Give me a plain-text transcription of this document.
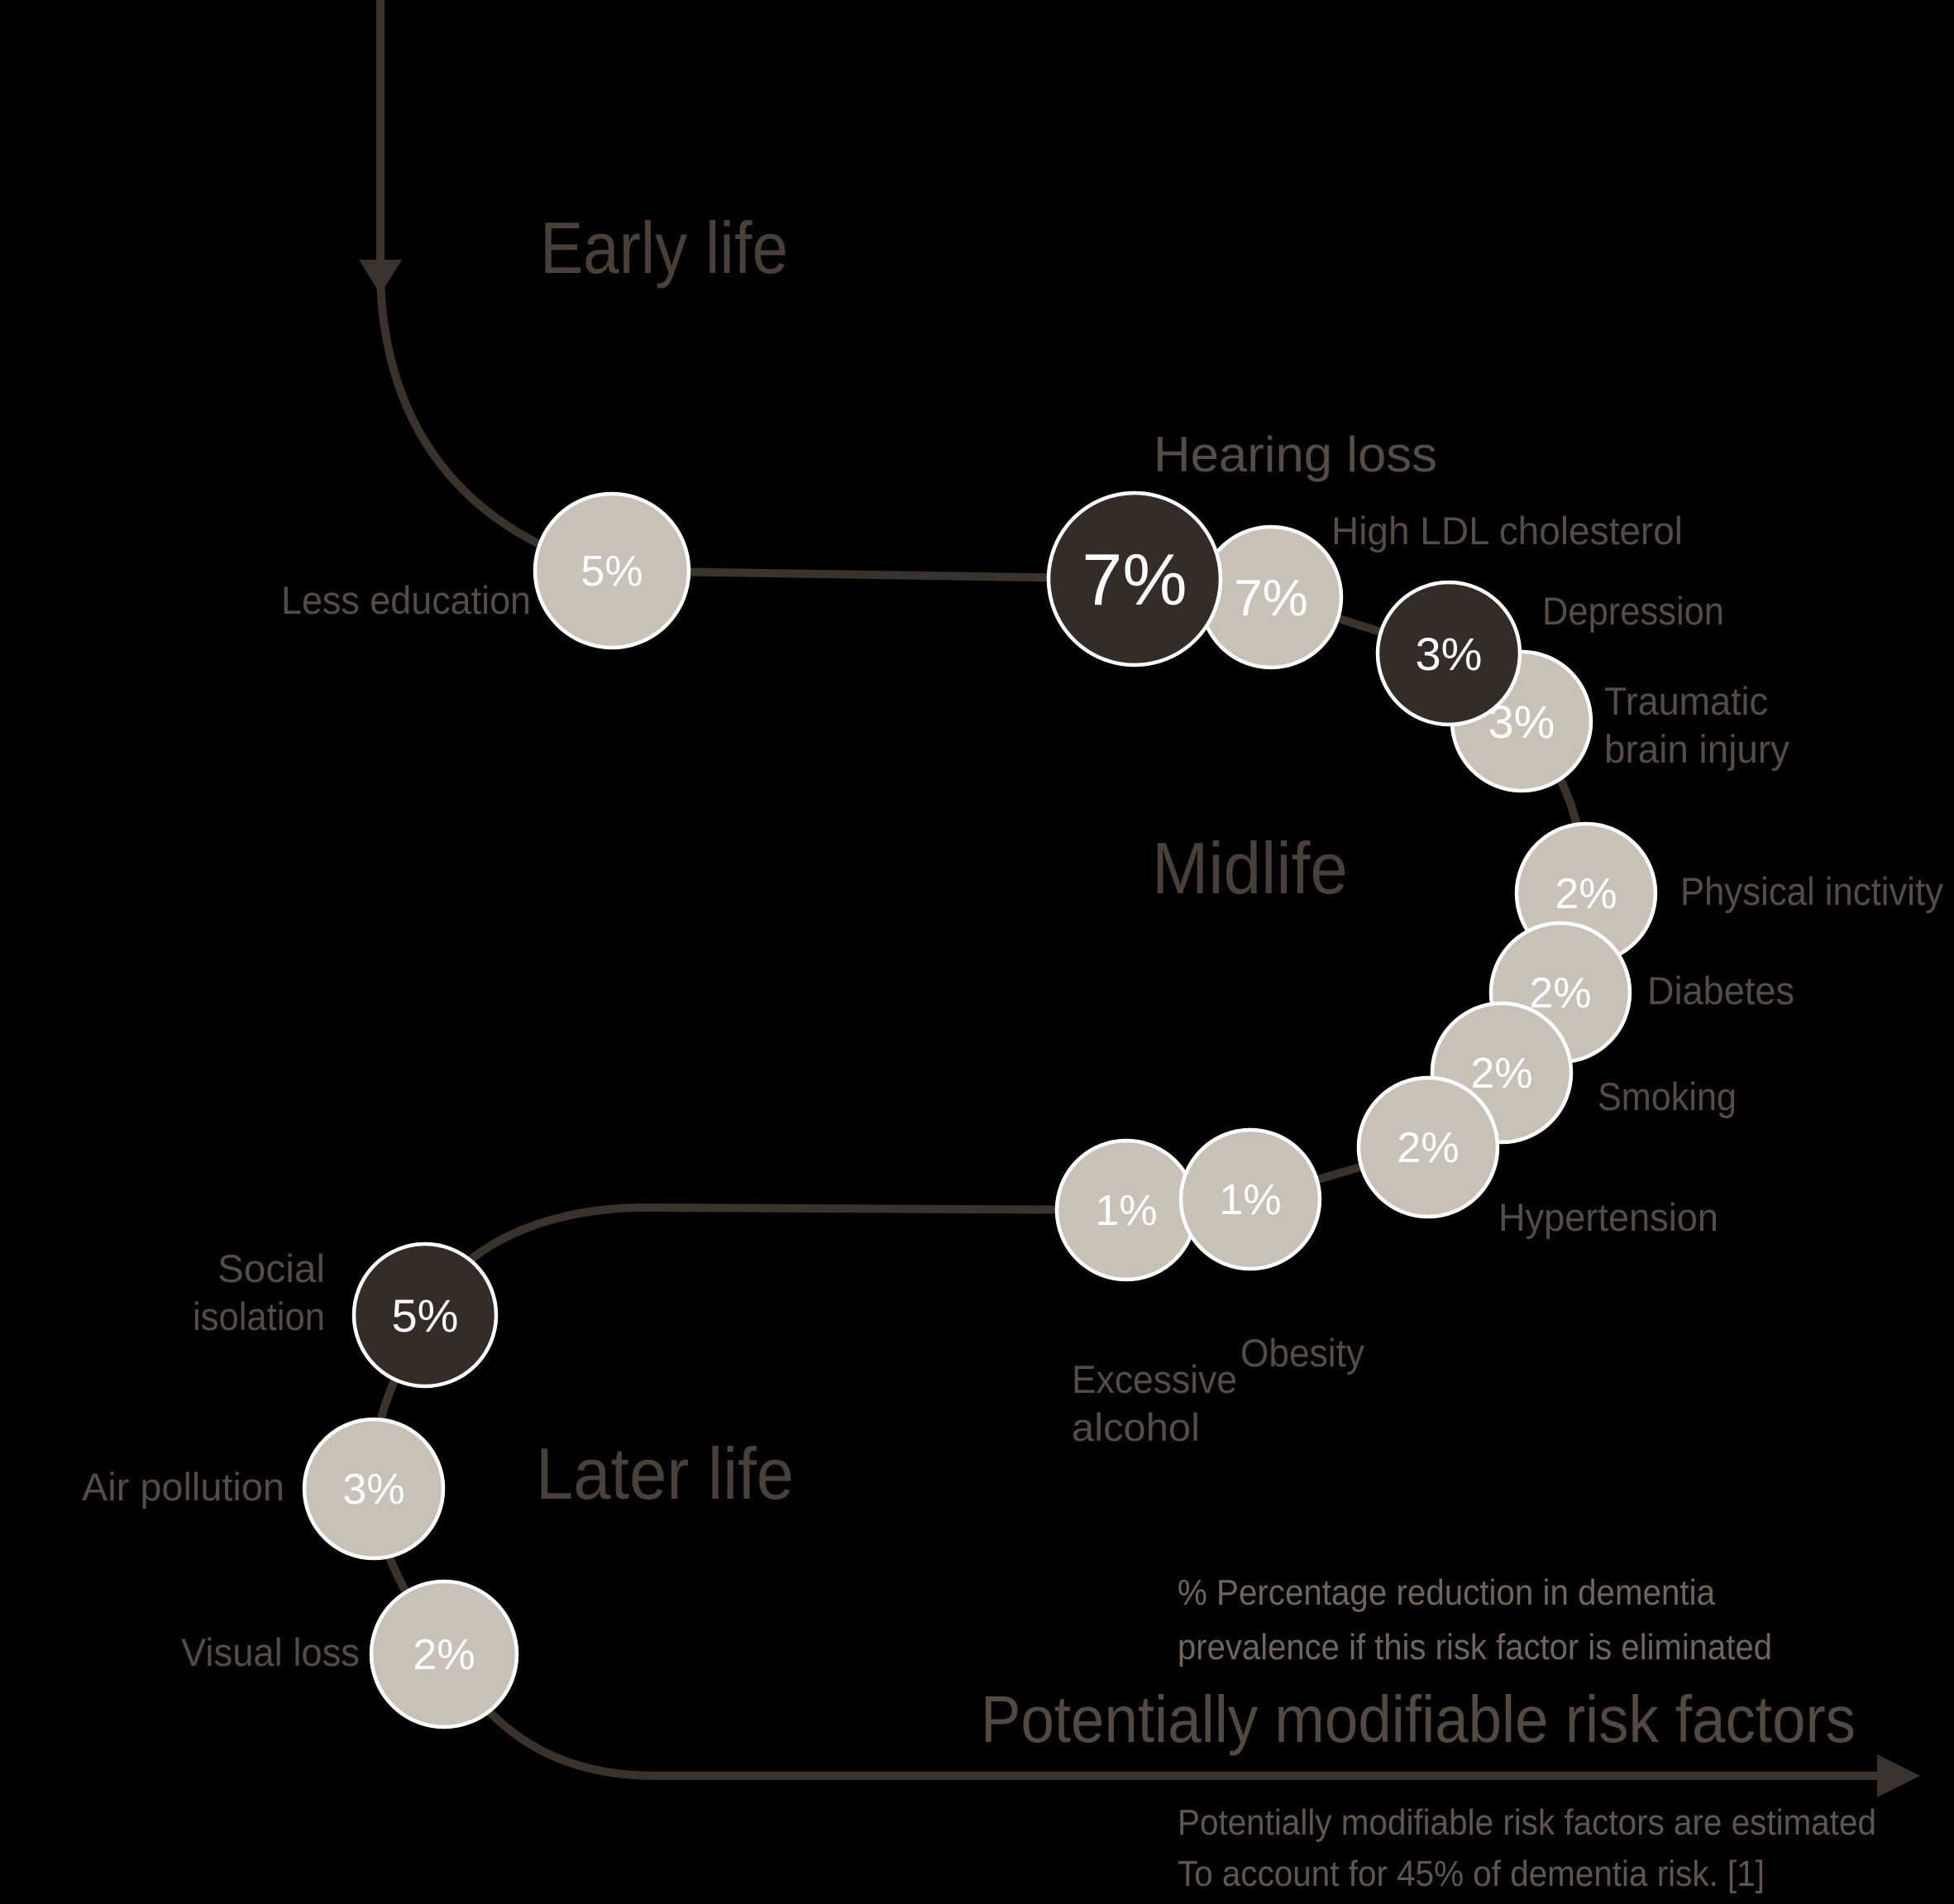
7% 7%
3%
3%
2%
2%
2%
2%
1%
1%
5%
3%
2%
5%
Early life
Midlife
Later life
Less education
Hearing loss
High LDL cholesterol
Depression
Traumatic
brain injury
Physical inctivity
Diabetes
Smoking
Hypertension
Obesity
Excessive
alcohol
Social
isolation
Air pollution
Visual loss
% Percentage reduction in dementia
prevalence if this risk factor is eliminated
Potentially modifiable risk factors
Potentially modifiable risk factors are estimated
To account for 45% of dementia risk. [1]
